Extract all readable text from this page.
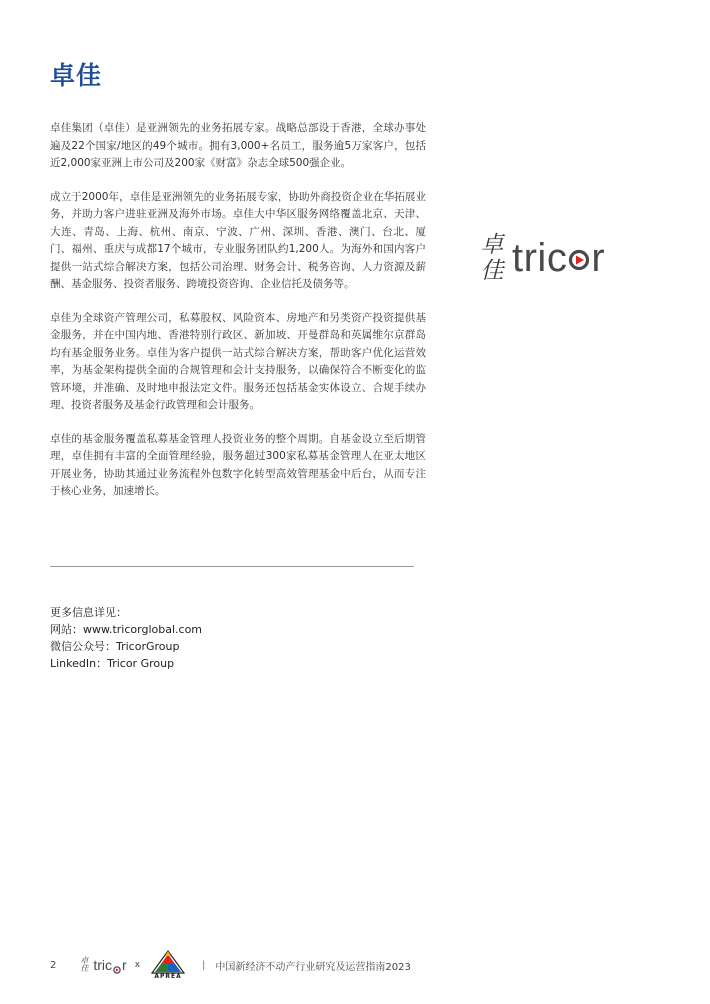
卓佳

卓佳集团（卓佳）是亚洲领先的业务拓展专家。战略总部设于香港，全球办事处遍及22个国家/地区的49个城市。拥有3,000+名员工，服务逾5万家客户，包括近2,000家亚洲上市公司及200家《财富》杂志全球500强企业。

成立于2000年，卓佳是亚洲领先的业务拓展专家，协助外商投资企业在华拓展业务，并助力客户进驻亚洲及海外市场。卓佳大中华区服务网络覆盖北京、天津、大连、青岛、上海、杭州、南京、宁波、广州、深圳、香港、澳门、台北、厦门、福州、重庆与成都17个城市，专业服务团队约1,200人。为海外和国内客户提供一站式综合解决方案，包括公司治理、财务会计、税务咨询、人力资源及薪酬、基金服务、投资者服务、跨境投资咨询、企业信托及债务等。

卓佳为全球资产管理公司，私募股权、风险资本、房地产和另类资产投资提供基金服务，并在中国内地、香港特别行政区、新加坡、开曼群岛和英属维尔京群岛均有基金服务业务。卓佳为客户提供一站式综合解决方案，帮助客户优化运营效率，为基金架构提供全面的合规管理和会计支持服务，以确保符合不断变化的监管环境，并准确、及时地申报法定文件。服务还包括基金实体设立、合规手续办理、投资者服务及基金行政管理和会计服务。

卓佳的基金服务覆盖私募基金管理人投资业务的整个周期。自基金设立至后期管理，卓佳拥有丰富的全面管理经验，服务超过300家私募基金管理人在亚太地区开展业务，协助其通过业务流程外包数字化转型高效管理基金中后台，从而专注于核心业务，加速增长。

更多信息详见：
网站：www.tricorglobal.com
微信公众号：TricorGroup
LinkedIn：Tricor Group
卓
佳 tric r
2	卓
佳 tric r x
APREA
| 中国新经济不动产行业研究及运营指南2023
